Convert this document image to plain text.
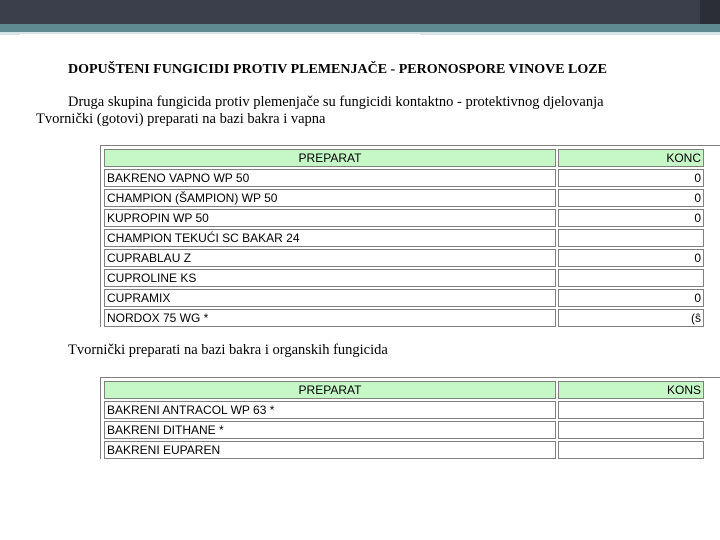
DOPUŠTENI FUNGICIDI PROTIV PLEMENJAČE - PERONOSPORE VINOVE LOZE
Druga skupina fungicida protiv plemenjače su fungicidi kontaktno - protektivnog djelovanja
Tvornički (gotovi) preparati na bazi bakra i vapna
PREPARAT	KONC
BAKRENO VAPNO WP 50	0
CHAMPION (ŠAMPION) WP 50	0
KUPROPIN WP 50	0
CHAMPION TEKUĆI SC BAKAR 24	
CUPRABLAU Z	0
CUPROLINE KS	
CUPRAMIX	0
NORDOX 75 WG *	(ŝ
Tvornički preparati na bazi bakra i organskih fungicida
PREPARAT	KONS
BAKRENI ANTRACOL WP 63 *	
BAKRENI DITHANE *	
BAKRENI EUPAREN	
